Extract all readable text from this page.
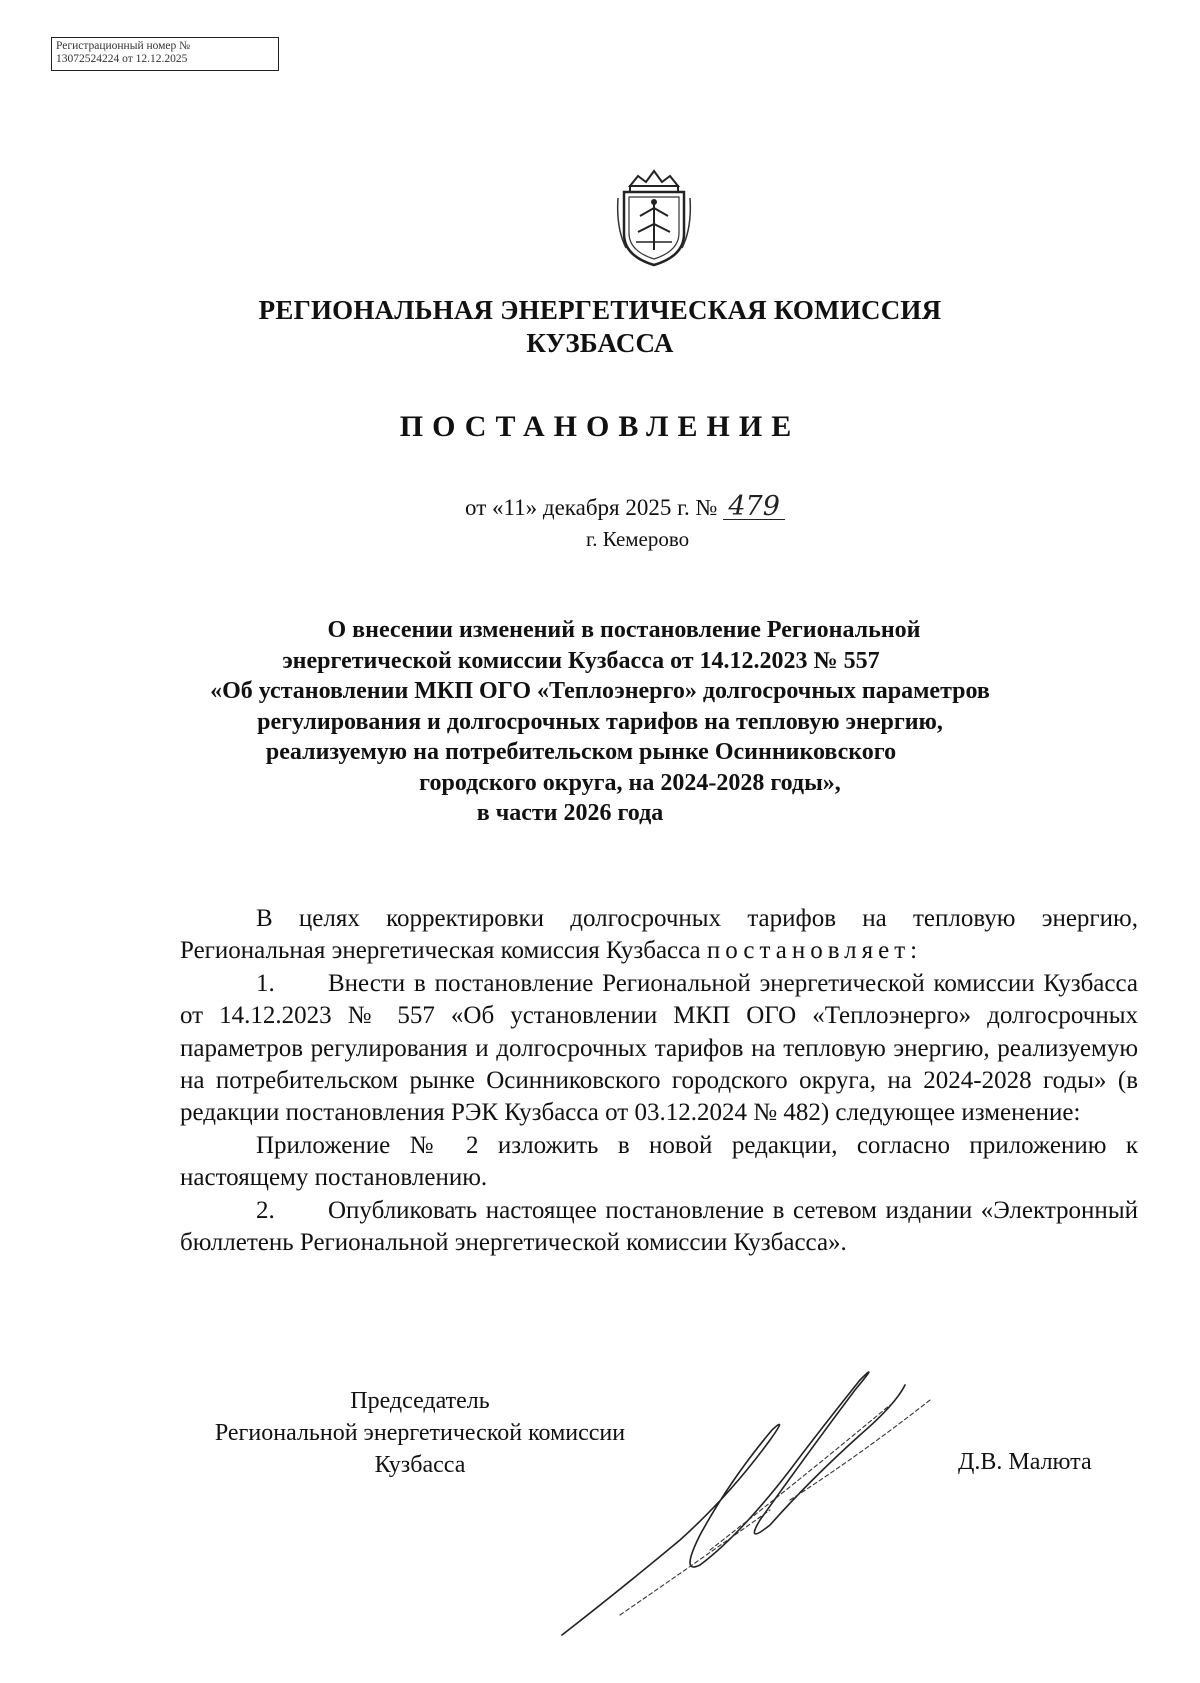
Регистрационный номер №
13072524224 от 12.12.2025
РЕГИОНАЛЬНАЯ ЭНЕРГЕТИЧЕСКАЯ КОМИССИЯ
КУЗБАССА
ПОСТАНОВЛЕНИЕ
от «11» декабря 2025 г. № 479
г. Кемерово
О внесении изменений в постановление Региональной
энергетической комиссии Кузбасса от 14.12.2023 № 557
«Об установлении МКП ОГО «Теплоэнерго» долгосрочных параметров
регулирования и долгосрочных тарифов на тепловую энергию,
реализуемую на потребительском рынке Осинниковского
городского округа, на 2024-2028 годы»,
в части 2026 года

В целях корректировки долгосрочных тарифов на тепловую энергию, Региональная энергетическая комиссия Кузбасса постановляет:

1. Внести в постановление Региональной энергетической комиссии Кузбасса от 14.12.2023 № 557 «Об установлении МКП ОГО «Теплоэнерго» долгосрочных параметров регулирования и долгосрочных тарифов на тепловую энергию, реализуемую на потребительском рынке Осинниковского городского округа, на 2024-2028 годы» (в редакции постановления РЭК Кузбасса от 03.12.2024 № 482) следующее изменение:

Приложение № 2 изложить в новой редакции, согласно приложению к настоящему постановлению.

2. Опубликовать настоящее постановление в сетевом издании «Электронный бюллетень Региональной энергетической комиссии Кузбасса».

Председатель
Региональной энергетической комиссии
Кузбасса	Д.В. Малюта
